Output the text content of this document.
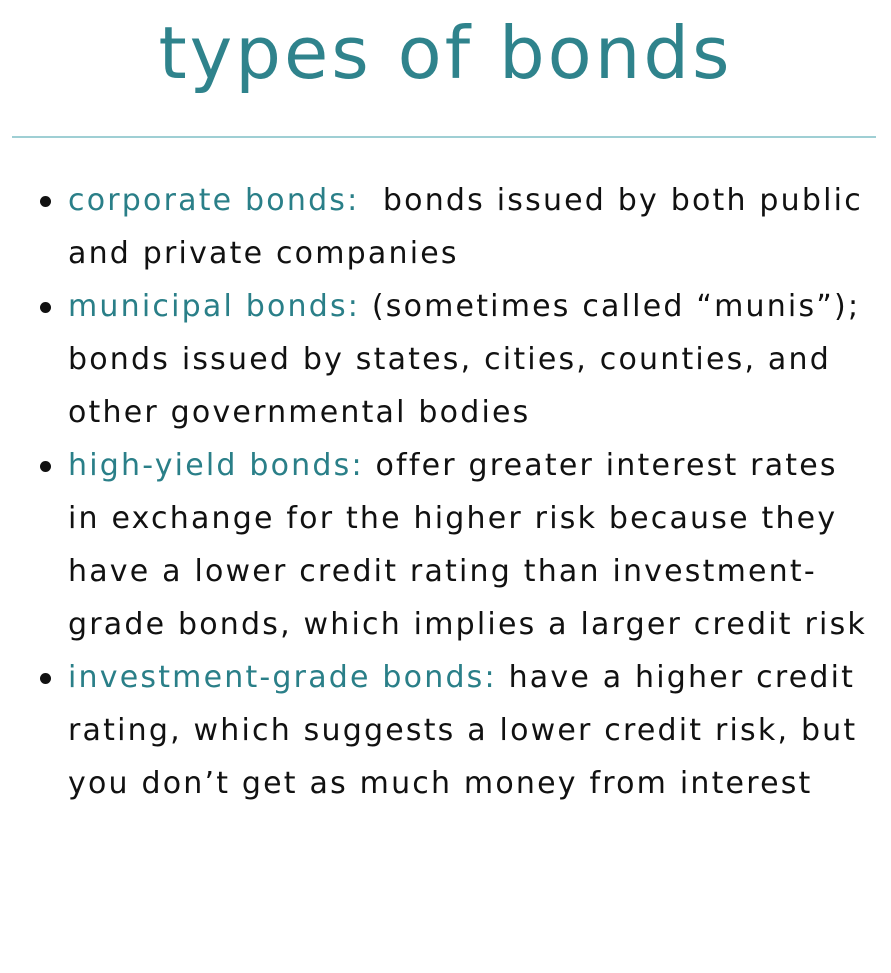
types of bonds
corporate bonds:  bonds issued by both public and private companies
municipal bonds: (sometimes called “munis”); bonds issued by states, cities, counties, and other governmental bodies
high-yield bonds: offer greater interest rates in exchange for the higher risk because they have a lower credit rating than investment-grade bonds, which implies a larger credit risk
investment-grade bonds: have a higher credit rating, which suggests a lower credit risk, but you don’t get as much money from interest
